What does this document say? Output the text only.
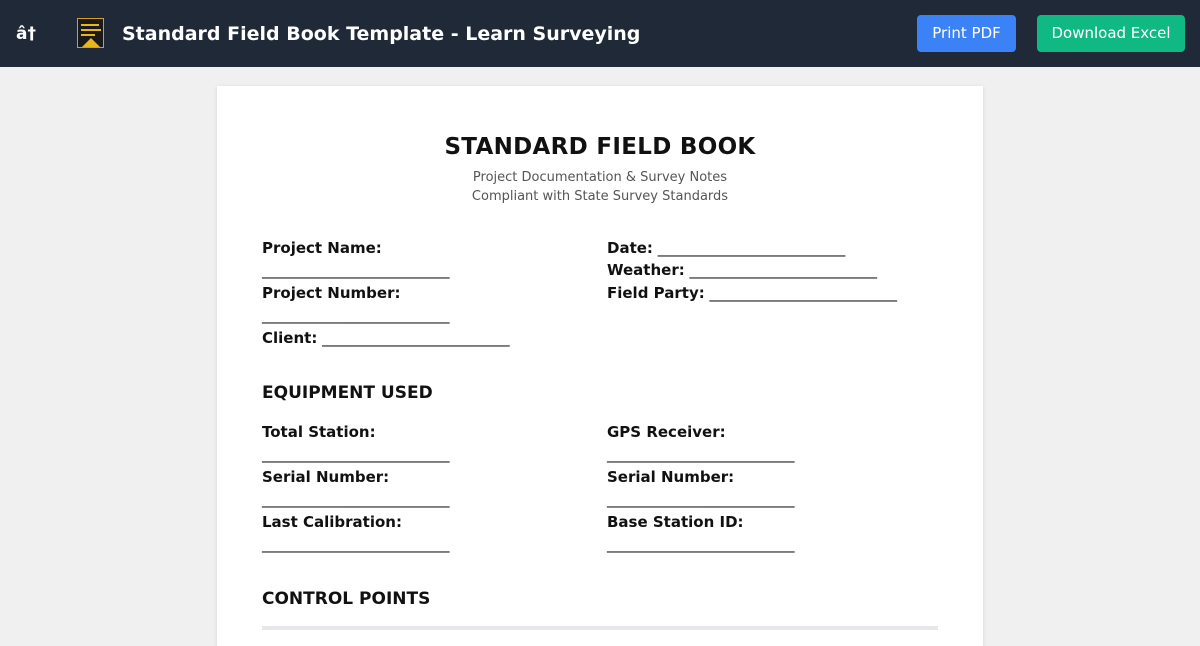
â†	Standard Field Book Template - Learn Surveying	Print PDF	Download Excel
STANDARD FIELD BOOK
Project Documentation & Survey Notes
Compliant with State Survey Standards
Project Name:
_________________________
Project Number:
_________________________
Client: _________________________
Date: _________________________
Weather: _________________________
Field Party: _________________________
EQUIPMENT USED
Total Station:
_________________________
Serial Number:
_________________________
Last Calibration:
_________________________
GPS Receiver:
_________________________
Serial Number:
_________________________
Base Station ID:
_________________________
CONTROL POINTS
